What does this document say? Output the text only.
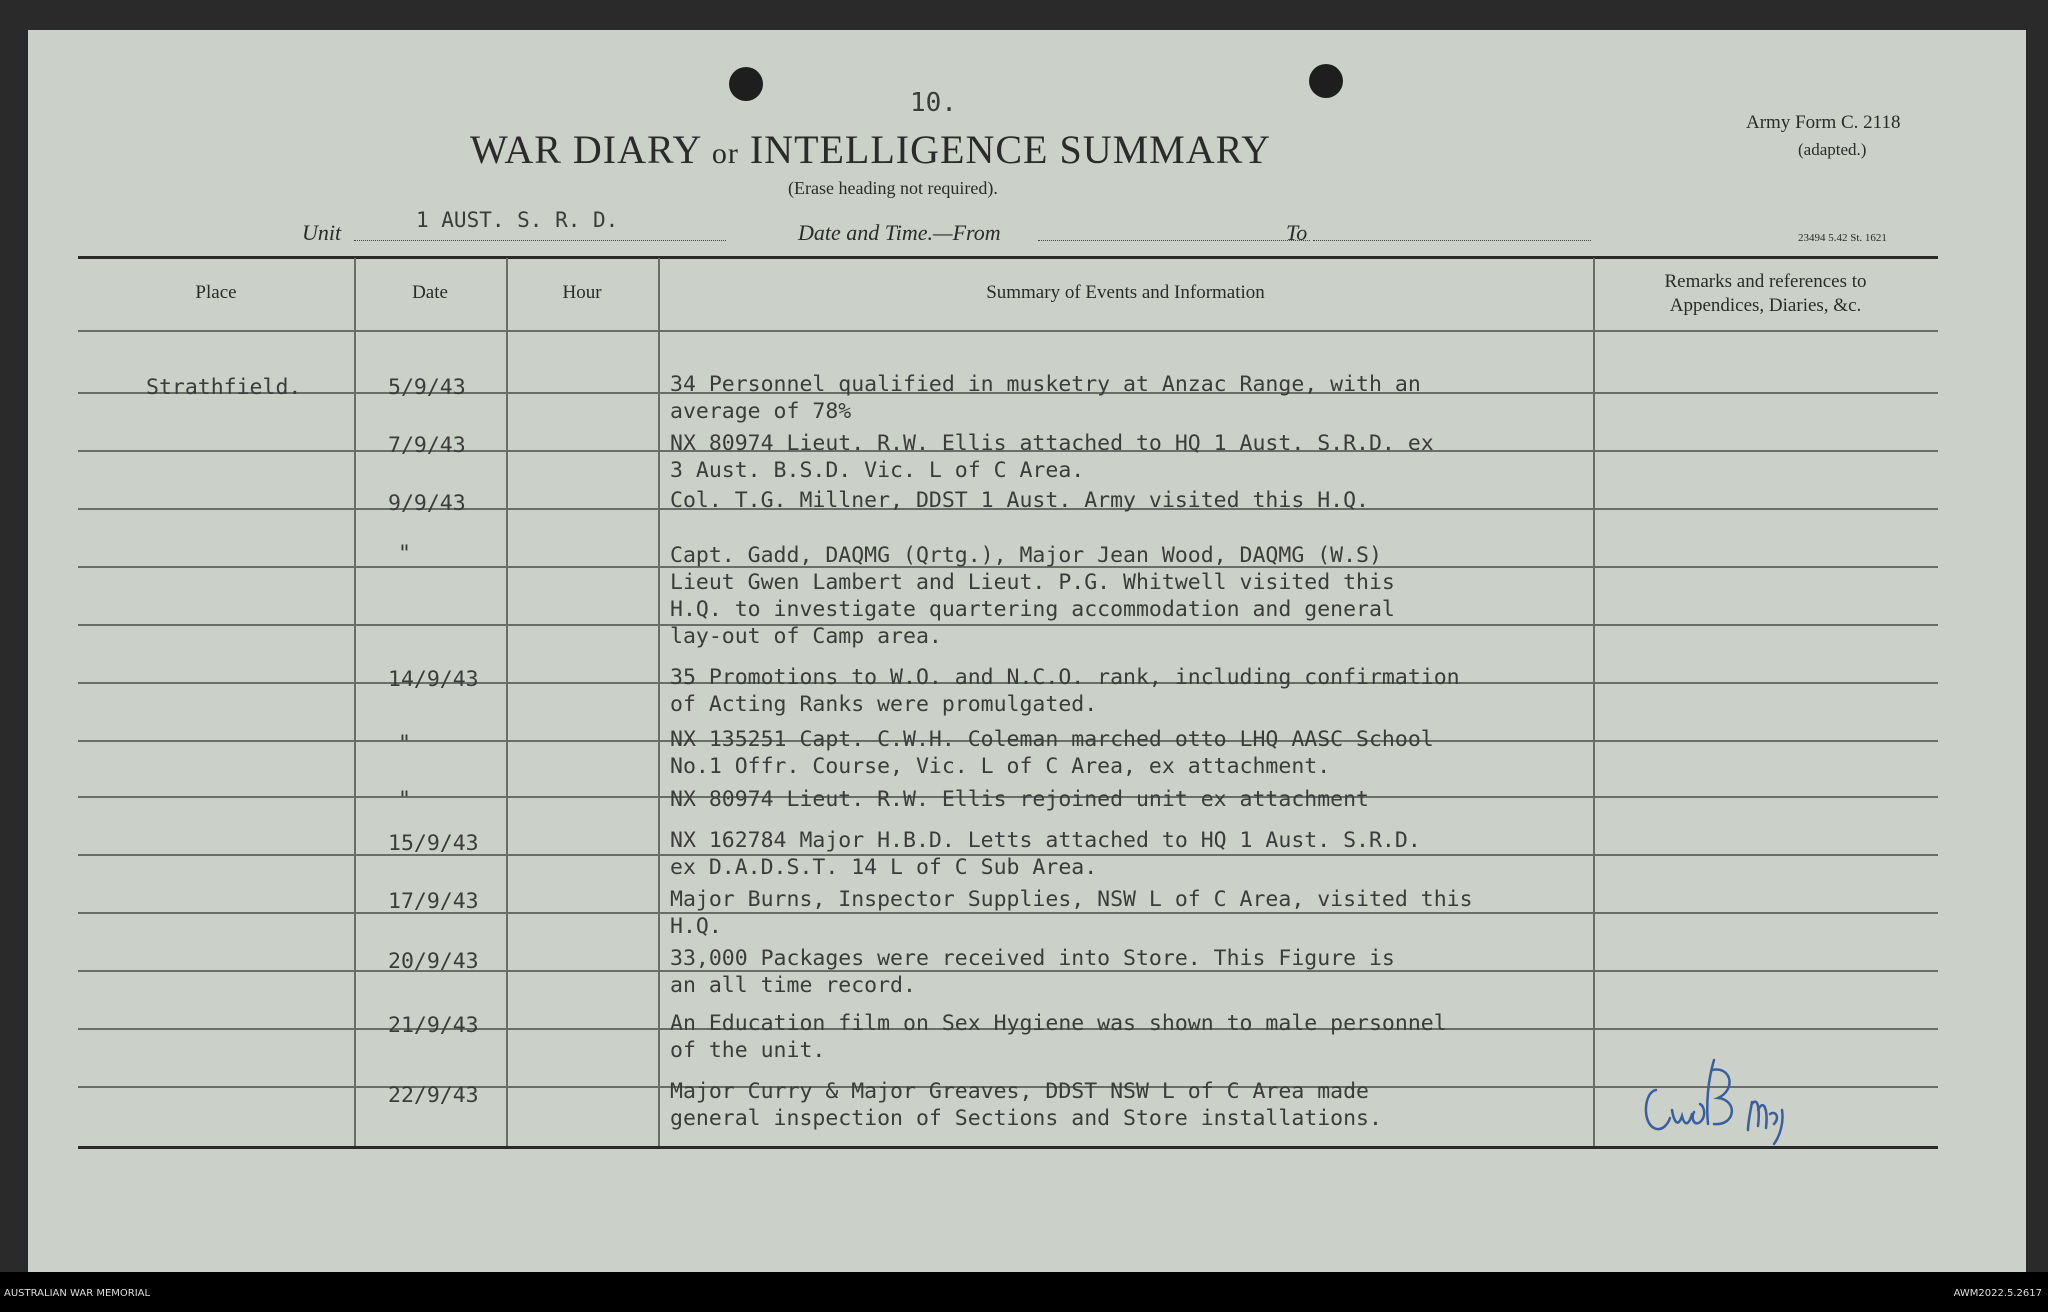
10.
WAR DIARY or INTELLIGENCE SUMMARY
(Erase heading not required).
Army Form C. 2118
(adapted.)
23494 5.42 St. 1621
Unit	1 AUST. S. R. D.	Date and Time.—From	To
Place	Date	Hour	Summary of Events and Information
Remarks and references to
Appendices, Diaries, &c.
Strathfield.	5/9/43	34 Personnel qualified in musketry at Anzac Range, with an
average of 78%
7/9/43	NX 80974 Lieut. R.W. Ellis attached to HQ 1 Aust. S.R.D. ex
3 Aust. B.S.D. Vic. L of C Area.
9/9/43	Col. T.G. Millner, DDST 1 Aust. Army visited this H.Q.
"	Capt. Gadd, DAQMG (Qrtg.), Major Jean Wood, DAQMG (W.S)
Lieut Gwen Lambert and Lieut. P.G. Whitwell visited this
H.Q. to investigate quartering accommodation and general
lay-out of Camp area.
14/9/43	35 Promotions to W.O. and N.C.O. rank, including confirmation
of Acting Ranks were promulgated.
"	NX 135251 Capt. C.W.H. Coleman marched otto LHQ AASC School
No.1 Offr. Course, Vic. L of C Area, ex attachment.
"	NX 80974 Lieut. R.W. Ellis rejoined unit ex attachment
15/9/43	NX 162784 Major H.B.D. Letts attached to HQ 1 Aust. S.R.D.
ex D.A.D.S.T. 14 L of C Sub Area.
17/9/43	Major Burns, Inspector Supplies, NSW L of C Area, visited this
H.Q.
20/9/43	33,000 Packages were received into Store. This Figure is
an all time record.
21/9/43	An Education film on Sex Hygiene was shown to male personnel
of the unit.
22/9/43	Major Curry & Major Greaves, DDST NSW L of C Area made
general inspection of Sections and Store installations.
AUSTRALIAN WAR MEMORIAL	AWM2022.5.2617
